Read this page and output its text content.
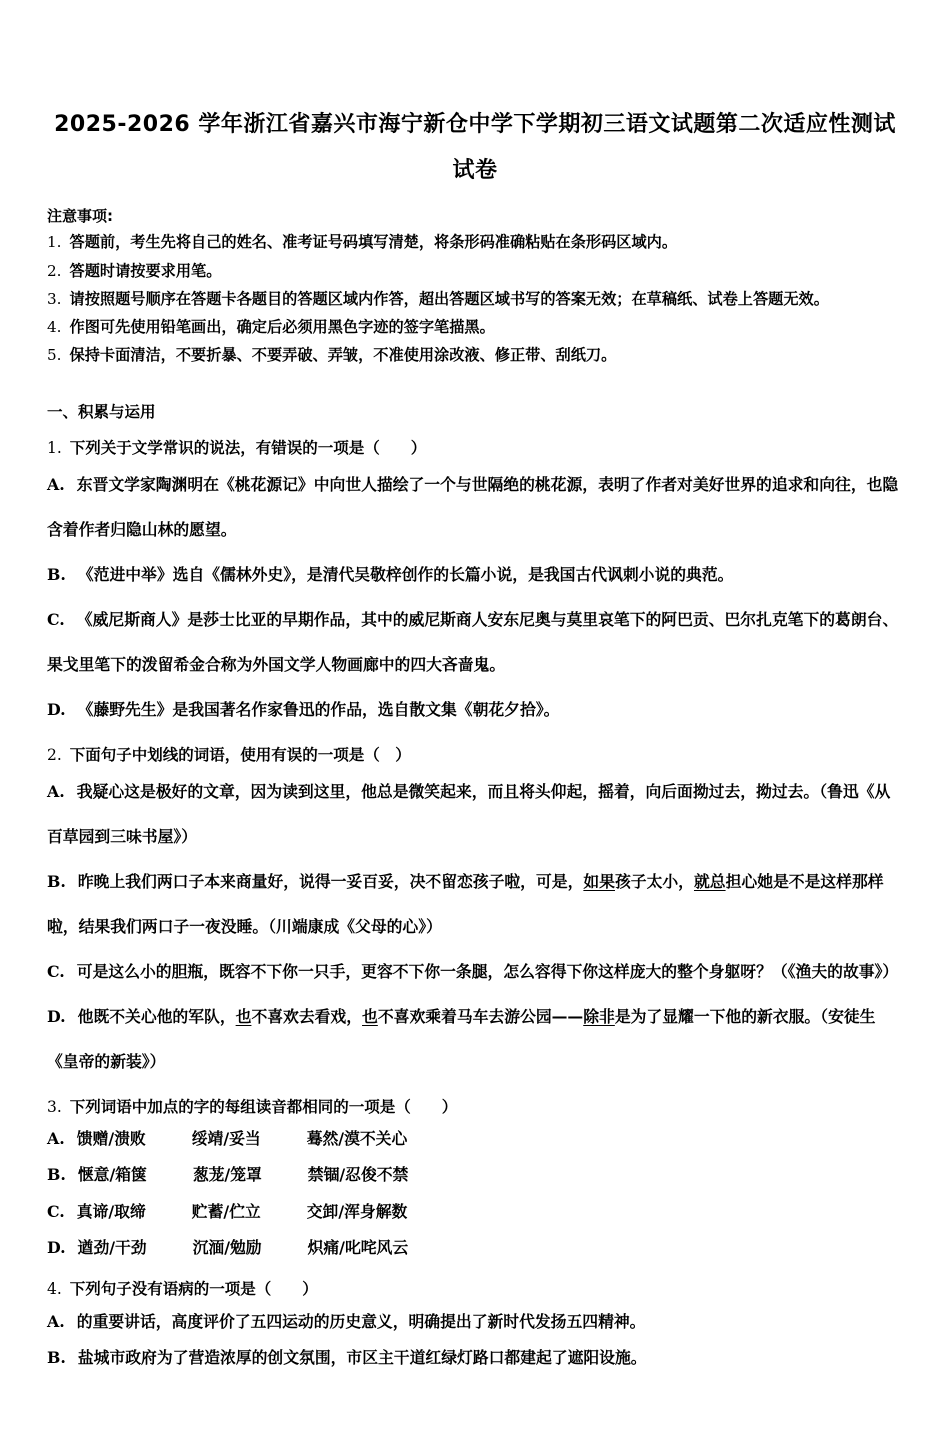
2025-2026 学年浙江省嘉兴市海宁新仓中学下学期初三语文试题第二次适应性测试试卷
注意事项:
1. 答题前，考生先将自己的姓名、准考证号码填写清楚，将条形码准确粘贴在条形码区域内。
2. 答题时请按要求用笔。
3. 请按照题号顺序在答题卡各题目的答题区域内作答，超出答题区域书写的答案无效；在草稿纸、试卷上答题无效。
4. 作图可先使用铅笔画出，确定后必须用黑色字迹的签字笔描黑。
5. 保持卡面清洁，不要折暴、不要弄破、弄皱，不准使用涂改液、修正带、刮纸刀。
一、积累与运用
1. 下列关于文学常识的说法，有错误的一项是（　　）
A. 东晋文学家陶渊明在《桃花源记》中向世人描绘了一个与世隔绝的桃花源，表明了作者对美好世界的追求和向往，也隐含着作者归隐山林的愿望。
B. 《范进中举》选自《儒林外史》，是清代吴敬梓创作的长篇小说，是我国古代讽刺小说的典范。
C. 《威尼斯商人》是莎士比亚的早期作品，其中的威尼斯商人安东尼奥与莫里哀笔下的阿巴贡、巴尔扎克笔下的葛朗台、果戈里笔下的泼留希金合称为外国文学人物画廊中的四大吝啬鬼。
D. 《藤野先生》是我国著名作家鲁迅的作品，选自散文集《朝花夕拾》。
2. 下面句子中划线的词语，使用有误的一项是（　）
A. 我疑心这是极好的文章，因为读到这里，他总是微笑起来，而且将头仰起，摇着，向后面拗过去，拗过去。（鲁迅《从百草园到三味书屋》）
B. 昨晚上我们两口子本来商量好，说得一妥百妥，决不留恋孩子啦，可是，如果孩子太小，就总担心她是不是这样那样啦，结果我们两口子一夜没睡。（川端康成《父母的心》）
C. 可是这么小的胆瓶，既容不下你一只手，更容不下你一条腿，怎么容得下你这样庞大的整个身躯呀？（《渔夫的故事》）
D. 他既不关心他的军队，也不喜欢去看戏，也不喜欢乘着马车去游公园——除非是为了显耀一下他的新衣服。（安徒生《皇帝的新装》）
3. 下列词语中加点的字的每组读音都相同的一项是（　　）
A. 馈赠/溃败	绥靖/妥当	蓦然/漠不关心
B. 惬意/箱箧	葱茏/笼罩	禁锢/忍俊不禁
C. 真谛/取缔	贮蓄/伫立	交卸/浑身解数
D. 遒劲/干劲	沉湎/勉励	炽痛/叱咤风云
4. 下列句子没有语病的一项是（　　）
A. 的重要讲话，高度评价了五四运动的历史意义，明确提出了新时代发扬五四精神。
B. 盐城市政府为了营造浓厚的创文氛围，市区主干道红绿灯路口都建起了遮阳设施。
